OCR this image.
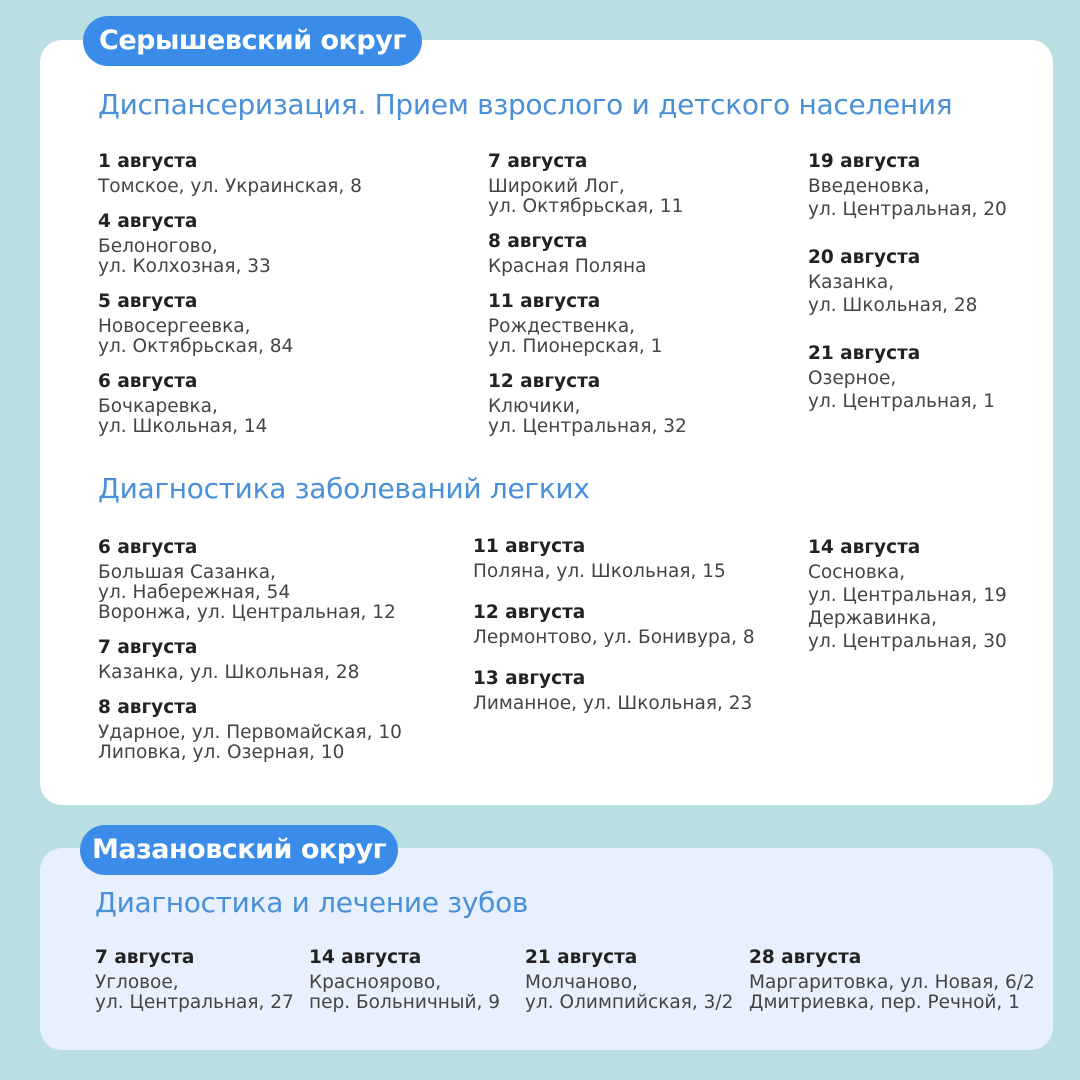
Серышевский округ
Мазановский округ
Диспансеризация. Прием взрослого и детского населения
1 августа
Томское, ул. Украинская, 8
4 августа
Белоногово,
ул. Колхозная, 33
5 августа
Новосергеевка,
ул. Октябрьская, 84
6 августа
Бочкаревка,
ул. Школьная, 14
7 августа
Широкий Лог,
ул. Октябрьская, 11
8 августа
Красная Поляна
11 августа
Рождественка,
ул. Пионерская, 1
12 августа
Ключики,
ул. Центральная, 32
19 августа
Введеновка,
ул. Центральная, 20
20 августа
Казанка,
ул. Школьная, 28
21 августа
Озерное,
ул. Центральная, 1
Диагностика заболеваний легких
6 августа
Большая Сазанка,
ул. Набережная, 54
Воронжа, ул. Центральная, 12
7 августа
Казанка, ул. Школьная, 28
8 августа
Ударное, ул. Первомайская, 10
Липовка, ул. Озерная, 10
11 августа
Поляна, ул. Школьная, 15
12 августа
Лермонтово, ул. Бонивура, 8
13 августа
Лиманное, ул. Школьная, 23
14 августа
Сосновка,
ул. Центральная, 19
Державинка,
ул. Центральная, 30
Диагностика и лечение зубов
7 августа
Угловое,
ул. Центральная, 27
14 августа
Красноярово,
пер. Больничный, 9
21 августа
Молчаново,
ул. Олимпийская, 3/2
28 августа
Маргаритовка, ул. Новая, 6/2
Дмитриевка, пер. Речной, 1
